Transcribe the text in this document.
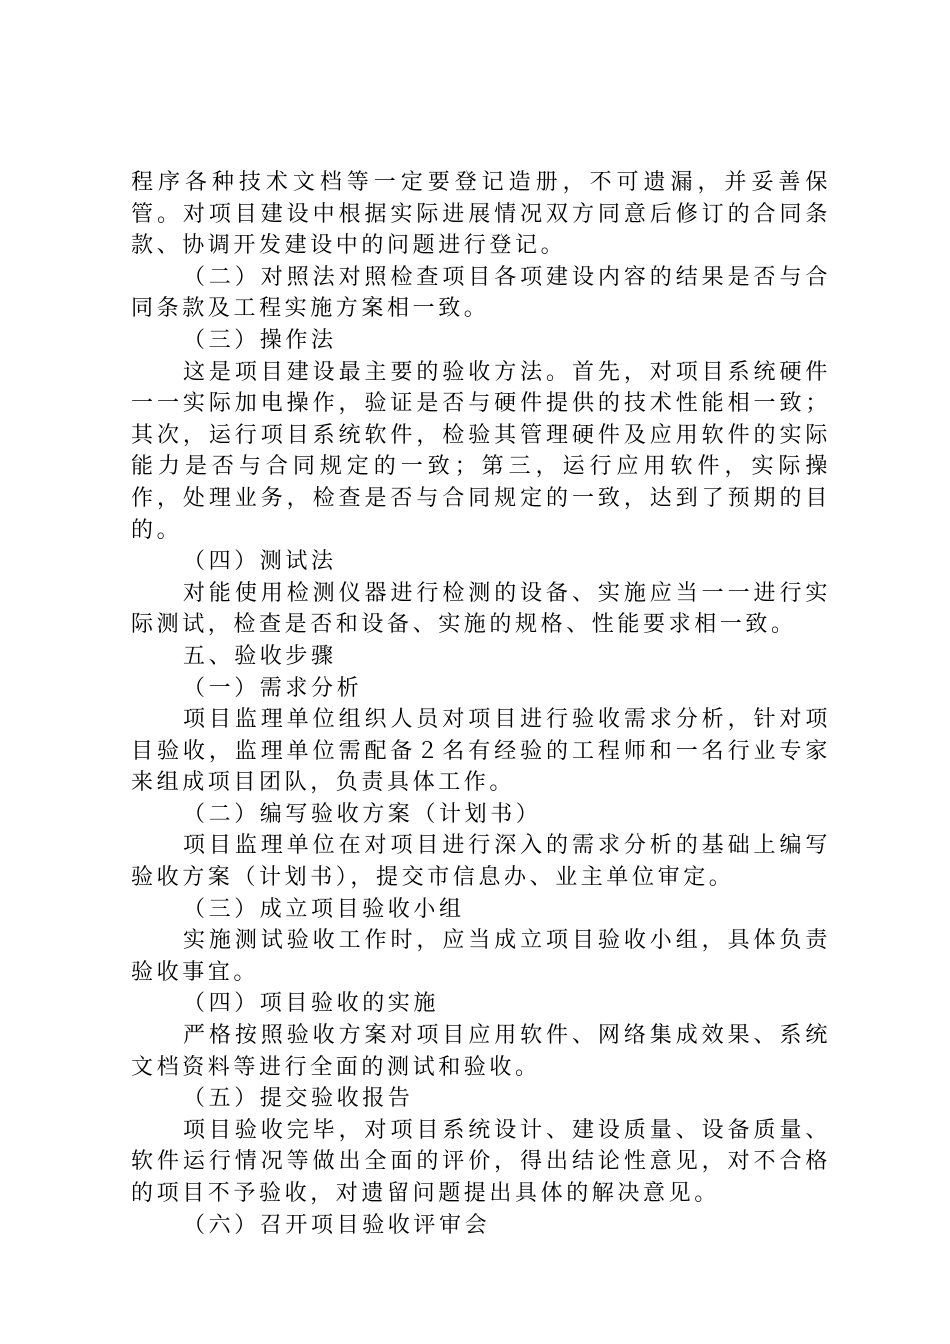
程序各种技术文档等一定要登记造册，不可遗漏，并妥善保管。对项目建设中根据实际进展情况双方同意后修订的合同条款、协调开发建设中的问题进行登记。

（二）对照法对照检查项目各项建设内容的结果是否与合同条款及工程实施方案相一致。

（三）操作法

这是项目建设最主要的验收方法。首先，对项目系统硬件一一实际加电操作，验证是否与硬件提供的技术性能相一致；其次，运行项目系统软件，检验其管理硬件及应用软件的实际能力是否与合同规定的一致；第三，运行应用软件，实际操作，处理业务，检查是否与合同规定的一致，达到了预期的目的。

（四）测试法

对能使用检测仪器进行检测的设备、实施应当一一进行实际测试，检查是否和设备、实施的规格、性能要求相一致。

五、验收步骤

（一）需求分析

项目监理单位组织人员对项目进行验收需求分析，针对项目验收，监理单位需配备２名有经验的工程师和一名行业专家来组成项目团队，负责具体工作。

（二）编写验收方案（计划书）

项目监理单位在对项目进行深入的需求分析的基础上编写验收方案（计划书），提交市信息办、业主单位审定。

（三）成立项目验收小组

实施测试验收工作时，应当成立项目验收小组，具体负责验收事宜。

（四）项目验收的实施

严格按照验收方案对项目应用软件、网络集成效果、系统文档资料等进行全面的测试和验收。

（五）提交验收报告

项目验收完毕，对项目系统设计、建设质量、设备质量、软件运行情况等做出全面的评价，得出结论性意见，对不合格的项目不予验收，对遗留问题提出具体的解决意见。

（六）召开项目验收评审会
